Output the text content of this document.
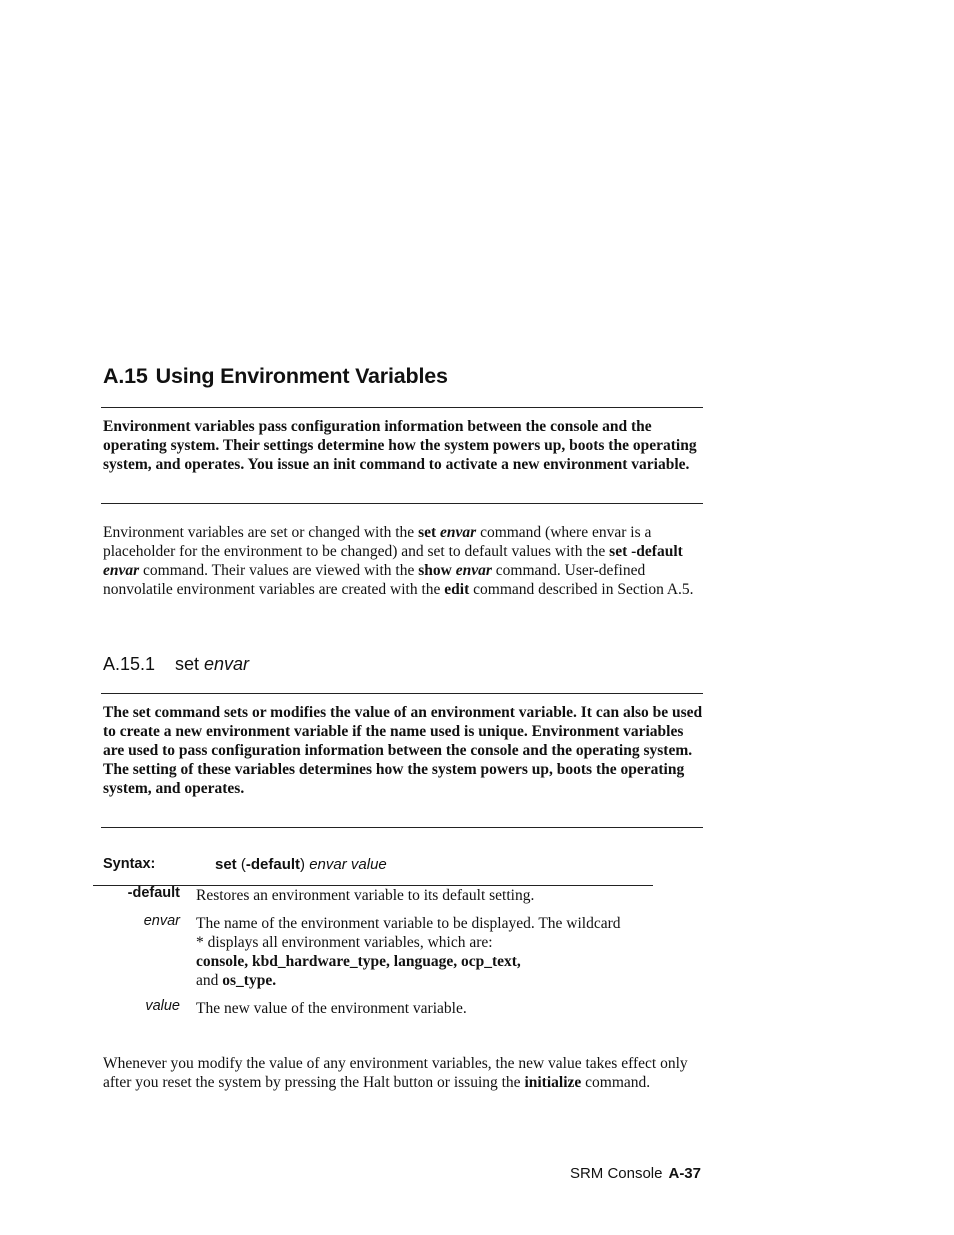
A.15 Using Environment Variables

Environment variables pass configuration information between the console and the operating system. Their settings determine how the system powers up, boots the operating system, and operates. You issue an init command to activate a new environment variable.

Environment variables are set or changed with the set envar command (where envar is a placeholder for the environment to be changed) and set to default values with the set -default envar command. Their values are viewed with the show envar command. User-defined nonvolatile environment variables are created with the edit command described in Section A.5.

A.15.1 set envar

The set command sets or modifies the value of an environment variable. It can also be used to create a new environment variable if the name used is unique. Environment variables are used to pass configuration information between the console and the operating system. The setting of these variables determines how the system powers up, boots the operating system, and operates.

Syntax:	set (-default) envar value
-default Restores an environment variable to its default setting.

envar The name of the environment variable to be displayed. The wildcard * displays all environment variables, which are:
console, kbd_hardware_type, language, ocp_text,
and os_type.
value The new value of the environment variable.

Whenever you modify the value of any environment variables, the new value takes effect only after you reset the system by pressing the Halt button or issuing the initialize command.

SRM Console A-37
